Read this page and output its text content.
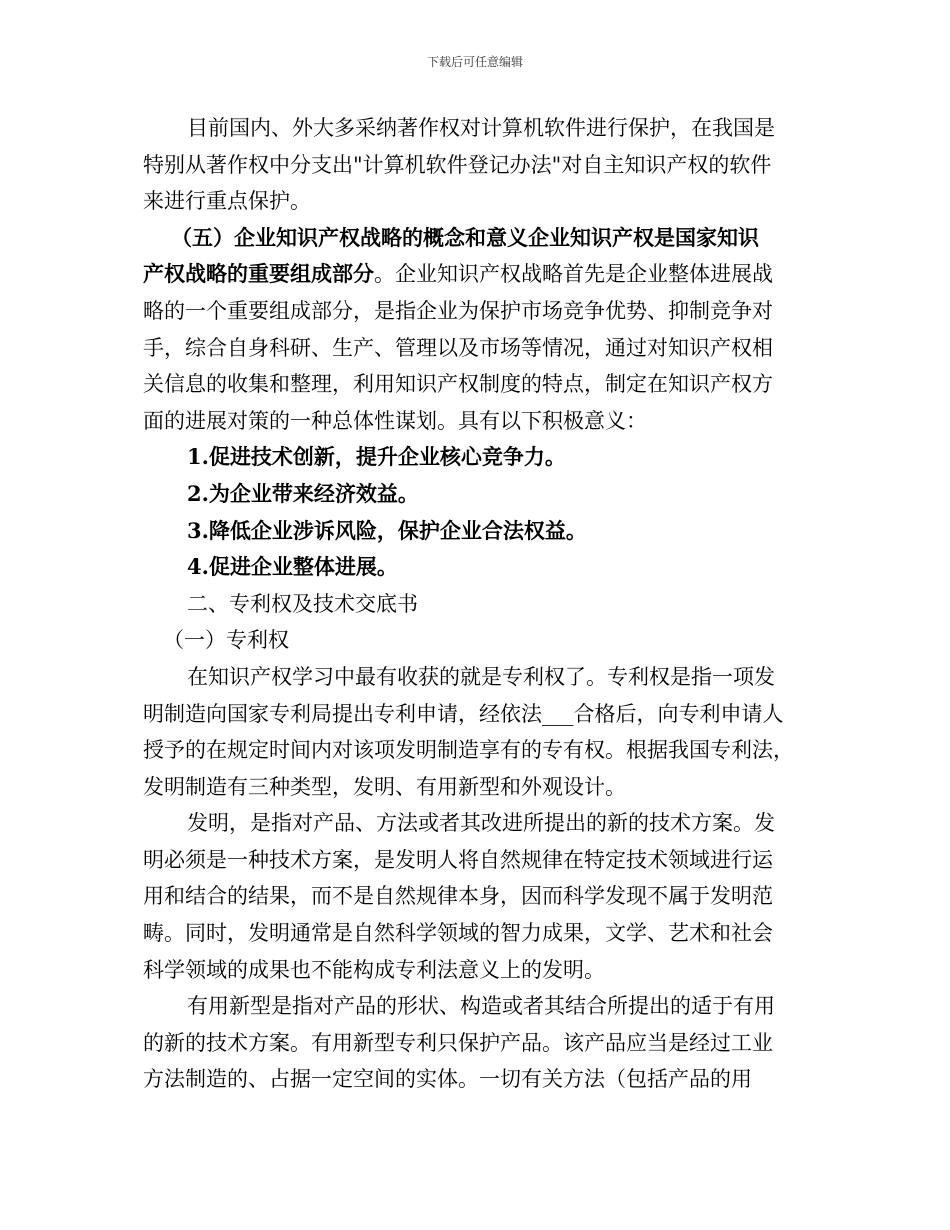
下载后可任意编辑
目前国内、外大多采纳著作权对计算机软件进行保护，在我国是
特别从著作权中分支出"计算机软件登记办法"对自主知识产权的软件
来进行重点保护。
（五）企业知识产权战略的概念和意义企业知识产权是国家知识
产权战略的重要组成部分。企业知识产权战略首先是企业整体进展战
略的一个重要组成部分，是指企业为保护市场竞争优势、抑制竞争对
手，综合自身科研、生产、管理以及市场等情况，通过对知识产权相
关信息的收集和整理，利用知识产权制度的特点，制定在知识产权方
面的进展对策的一种总体性谋划。具有以下积极意义：
1.促进技术创新，提升企业核心竞争力。
2.为企业带来经济效益。
3.降低企业涉诉风险，保护企业合法权益。
4.促进企业整体进展。
二、专利权及技术交底书
（一）专利权
在知识产权学习中最有收获的就是专利权了。专利权是指一项发
明制造向国家专利局提出专利申请，经依法___合格后，向专利申请人
授予的在规定时间内对该项发明制造享有的专有权。根据我国专利法，
发明制造有三种类型，发明、有用新型和外观设计。
发明，是指对产品、方法或者其改进所提出的新的技术方案。发
明必须是一种技术方案，是发明人将自然规律在特定技术领域进行运
用和结合的结果，而不是自然规律本身，因而科学发现不属于发明范
畴。同时，发明通常是自然科学领域的智力成果，文学、艺术和社会
科学领域的成果也不能构成专利法意义上的发明。
有用新型是指对产品的形状、构造或者其结合所提出的适于有用
的新的技术方案。有用新型专利只保护产品。该产品应当是经过工业
方法制造的、占据一定空间的实体。一切有关方法（包括产品的用
